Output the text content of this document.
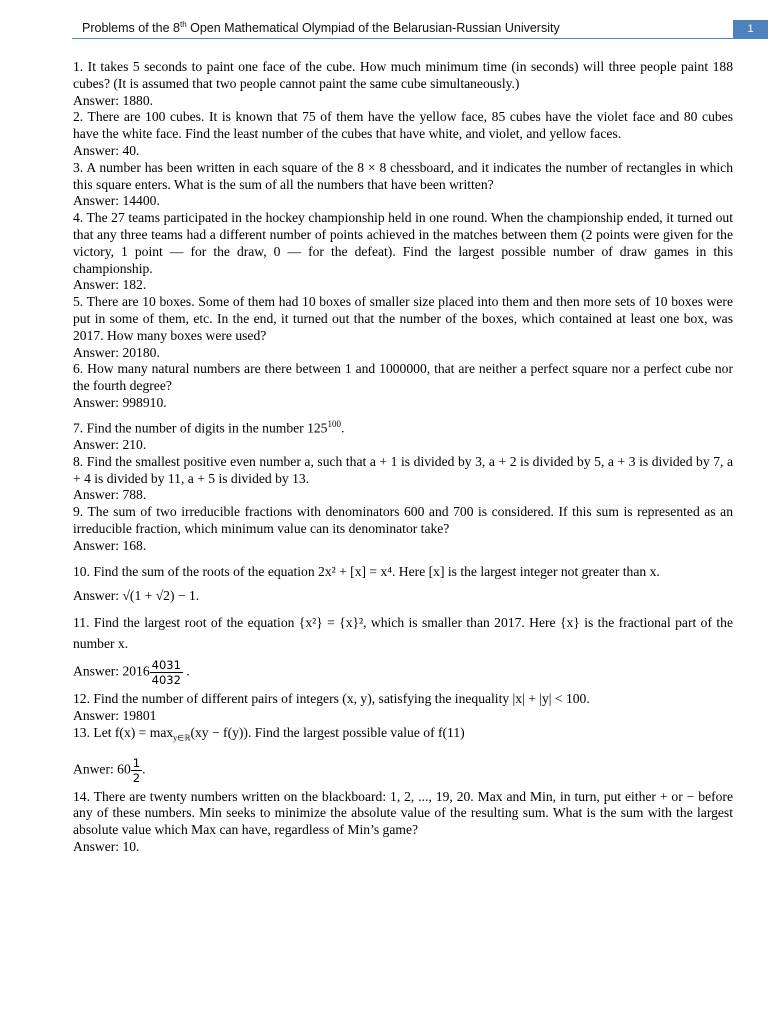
Problems of the 8th Open Mathematical Olympiad of the Belarusian-Russian University	1

1. It takes 5 seconds to paint one face of the cube. How much minimum time (in seconds) will three people paint 188 cubes? (It is assumed that two people cannot paint the same cube simultaneously.)

Answer: 1880.

2. There are 100 cubes. It is known that 75 of them have the yellow face, 85 cubes have the violet face and 80 cubes have the white face. Find the least number of the cubes that have white, and violet, and yellow faces.

Answer: 40.

3. A number has been written in each square of the 8 × 8 chessboard, and it indicates the number of rectangles in which this square enters. What is the sum of all the numbers that have been written?

Answer: 14400.

4. The 27 teams participated in the hockey championship held in one round. When the championship ended, it turned out that any three teams had a different number of points achieved in the matches between them (2 points were given for the victory, 1 point — for the draw, 0 — for the defeat). Find the largest possible number of draw games in this championship.

Answer: 182.

5. There are 10 boxes. Some of them had 10 boxes of smaller size placed into them and then more sets of 10 boxes were put in some of them, etc. In the end, it turned out that the number of the boxes, which contained at least one box, was 2017. How many boxes were used?

Answer: 20180.

6. How many natural numbers are there between 1 and 1000000, that are neither a perfect square nor a perfect cube nor the fourth degree?

Answer: 998910.

7. Find the number of digits in the number $125^{100}$.

Answer: 210.

8. Find the smallest positive even number a, such that a + 1 is divided by 3, a + 2 is divided by 5, a + 3 is divided by 7, a + 4 is divided by 11, a + 5 is divided by 13.

Answer: 788.

9. The sum of two irreducible fractions with denominators 600 and 700 is considered. If this sum is represented as an irreducible fraction, which minimum value can its denominator take?

Answer: 168.

10. Find the sum of the roots of the equation 2x² + [x] = x⁴. Here [x] is the largest integer not greater than x.

Answer: √(1 + √2) − 1.

11. Find the largest root of the equation {x²} = {x}², which is smaller than 2017. Here {x} is the fractional part of the number x.

Answer: $2016 \frac{4031}{4032}$ .

12. Find the number of different pairs of integers (x, y), satisfying the inequality |x| + |y| < 100.

Answer: 19801

13. Let $f(x) = \max_{y\in ℝ}(xy - f(y))$. Find the largest possible value of f(11)

Anwer: $60 \frac{1}{2}$ .

14. There are twenty numbers written on the blackboard: 1, 2, ..., 19, 20. Max and Min, in turn, put either + or − before any of these numbers. Min seeks to minimize the absolute value of the resulting sum. What is the sum with the largest absolute value which Max can have, regardless of Min’s game?

Answer: 10.
